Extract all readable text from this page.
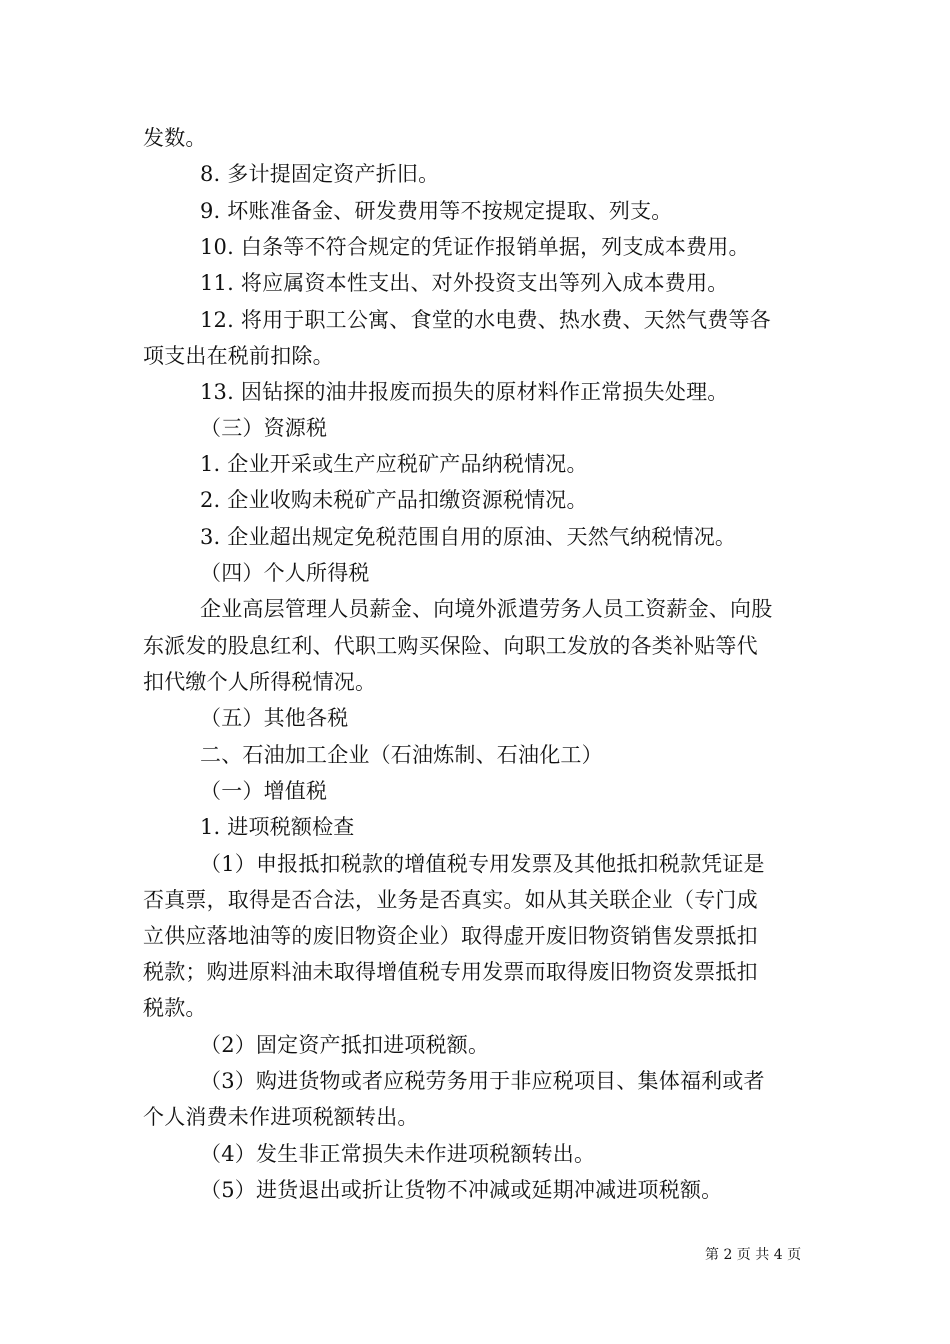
发数。
8. 多计提固定资产折旧。
9. 坏账准备金、研发费用等不按规定提取、列支。
10. 白条等不符合规定的凭证作报销单据，列支成本费用。
11. 将应属资本性支出、对外投资支出等列入成本费用。
12. 将用于职工公寓、食堂的水电费、热水费、天然气费等各
项支出在税前扣除。
13. 因钻探的油井报废而损失的原材料作正常损失处理。
（三）资源税
1. 企业开采或生产应税矿产品纳税情况。
2. 企业收购未税矿产品扣缴资源税情况。
3. 企业超出规定免税范围自用的原油、天然气纳税情况。
（四）个人所得税
企业高层管理人员薪金、向境外派遣劳务人员工资薪金、向股
东派发的股息红利、代职工购买保险、向职工发放的各类补贴等代
扣代缴个人所得税情况。
（五）其他各税
二、石油加工企业（石油炼制、石油化工）
（一）增值税
1. 进项税额检查
（1）申报抵扣税款的增值税专用发票及其他抵扣税款凭证是
否真票，取得是否合法，业务是否真实。如从其关联企业（专门成
立供应落地油等的废旧物资企业）取得虚开废旧物资销售发票抵扣
税款；购进原料油未取得增值税专用发票而取得废旧物资发票抵扣
税款。
（2）固定资产抵扣进项税额。
（3）购进货物或者应税劳务用于非应税项目、集体福利或者
个人消费未作进项税额转出。
（4）发生非正常损失未作进项税额转出。
（5）进货退出或折让货物不冲减或延期冲减进项税额。
第 2 页 共 4 页
